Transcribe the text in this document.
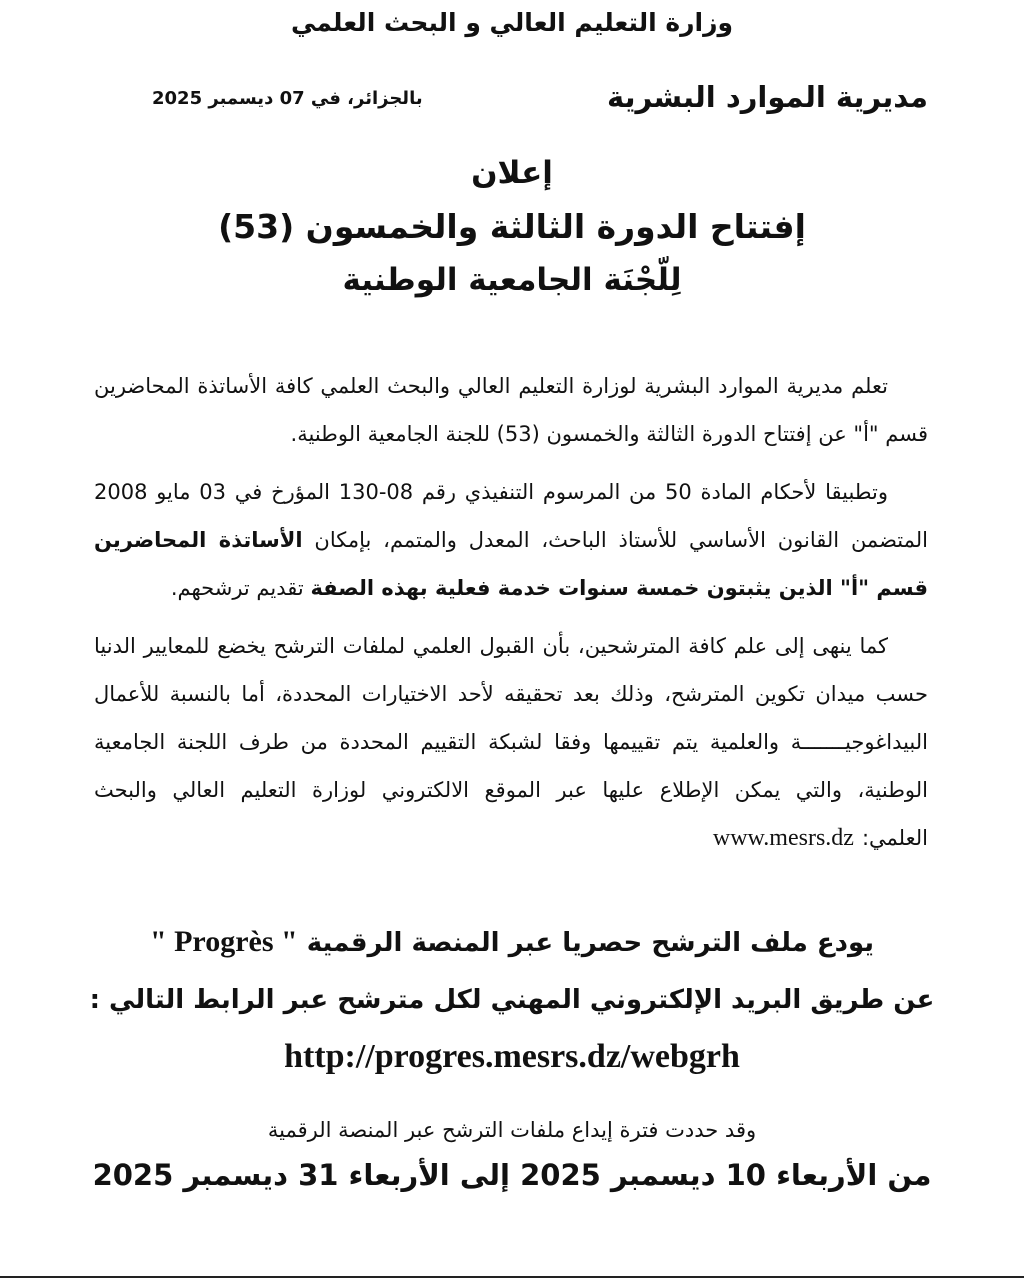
وزارة التعليم العالي و البحث العلمي
مديرية الموارد البشرية
بالجزائر، في 07 ديسمبر 2025
إعلان
إفتتاح الدورة الثالثة والخمسون (53)
لِلّجْنَة الجامعية الوطنية

تعلم مديرية الموارد البشرية لوزارة التعليم العالي والبحث العلمي كافة الأساتذة المحاضرين قسم "أ" عن إفتتاح الدورة الثالثة والخمسون (53) للجنة الجامعية الوطنية.

وتطبيقا لأحكام المادة 50 من المرسوم التنفيذي رقم 08-130 المؤرخ في 03 مايو 2008 المتضمن القانون الأساسي للأستاذ الباحث، المعدل والمتمم، بإمكان الأساتذة المحاضرين قسم "أ" الذين يثبتون خمسة سنوات خدمة فعلية بهذه الصفة تقديم ترشحهم.

كما ينهى إلى علم كافة المترشحين، بأن القبول العلمي لملفات الترشح يخضع للمعايير الدنيا حسب ميدان تكوين المترشح، وذلك بعد تحقيقه لأحد الاختيارات المحددة، أما بالنسبة للأعمال البيداغوجيـــــــة والعلمية يتم تقييمها وفقا لشبكة التقييم المحددة من طرف اللجنة الجامعية الوطنية، والتي يمكن الإطلاع عليها عبر الموقع الالكتروني لوزارة التعليم العالي والبحث العلمي:www.mesrs.dz

يودع ملف الترشح حصريا عبر المنصة الرقمية " Progrès "
عن طريق البريد الإلكتروني المهني لكل مترشح عبر الرابط التالي :
http://progres.mesrs.dz/webgrh
وقد حددت فترة إيداع ملفات الترشح عبر المنصة الرقمية
من الأربعاء 10 ديسمبر 2025 إلى الأربعاء 31 ديسمبر 2025
